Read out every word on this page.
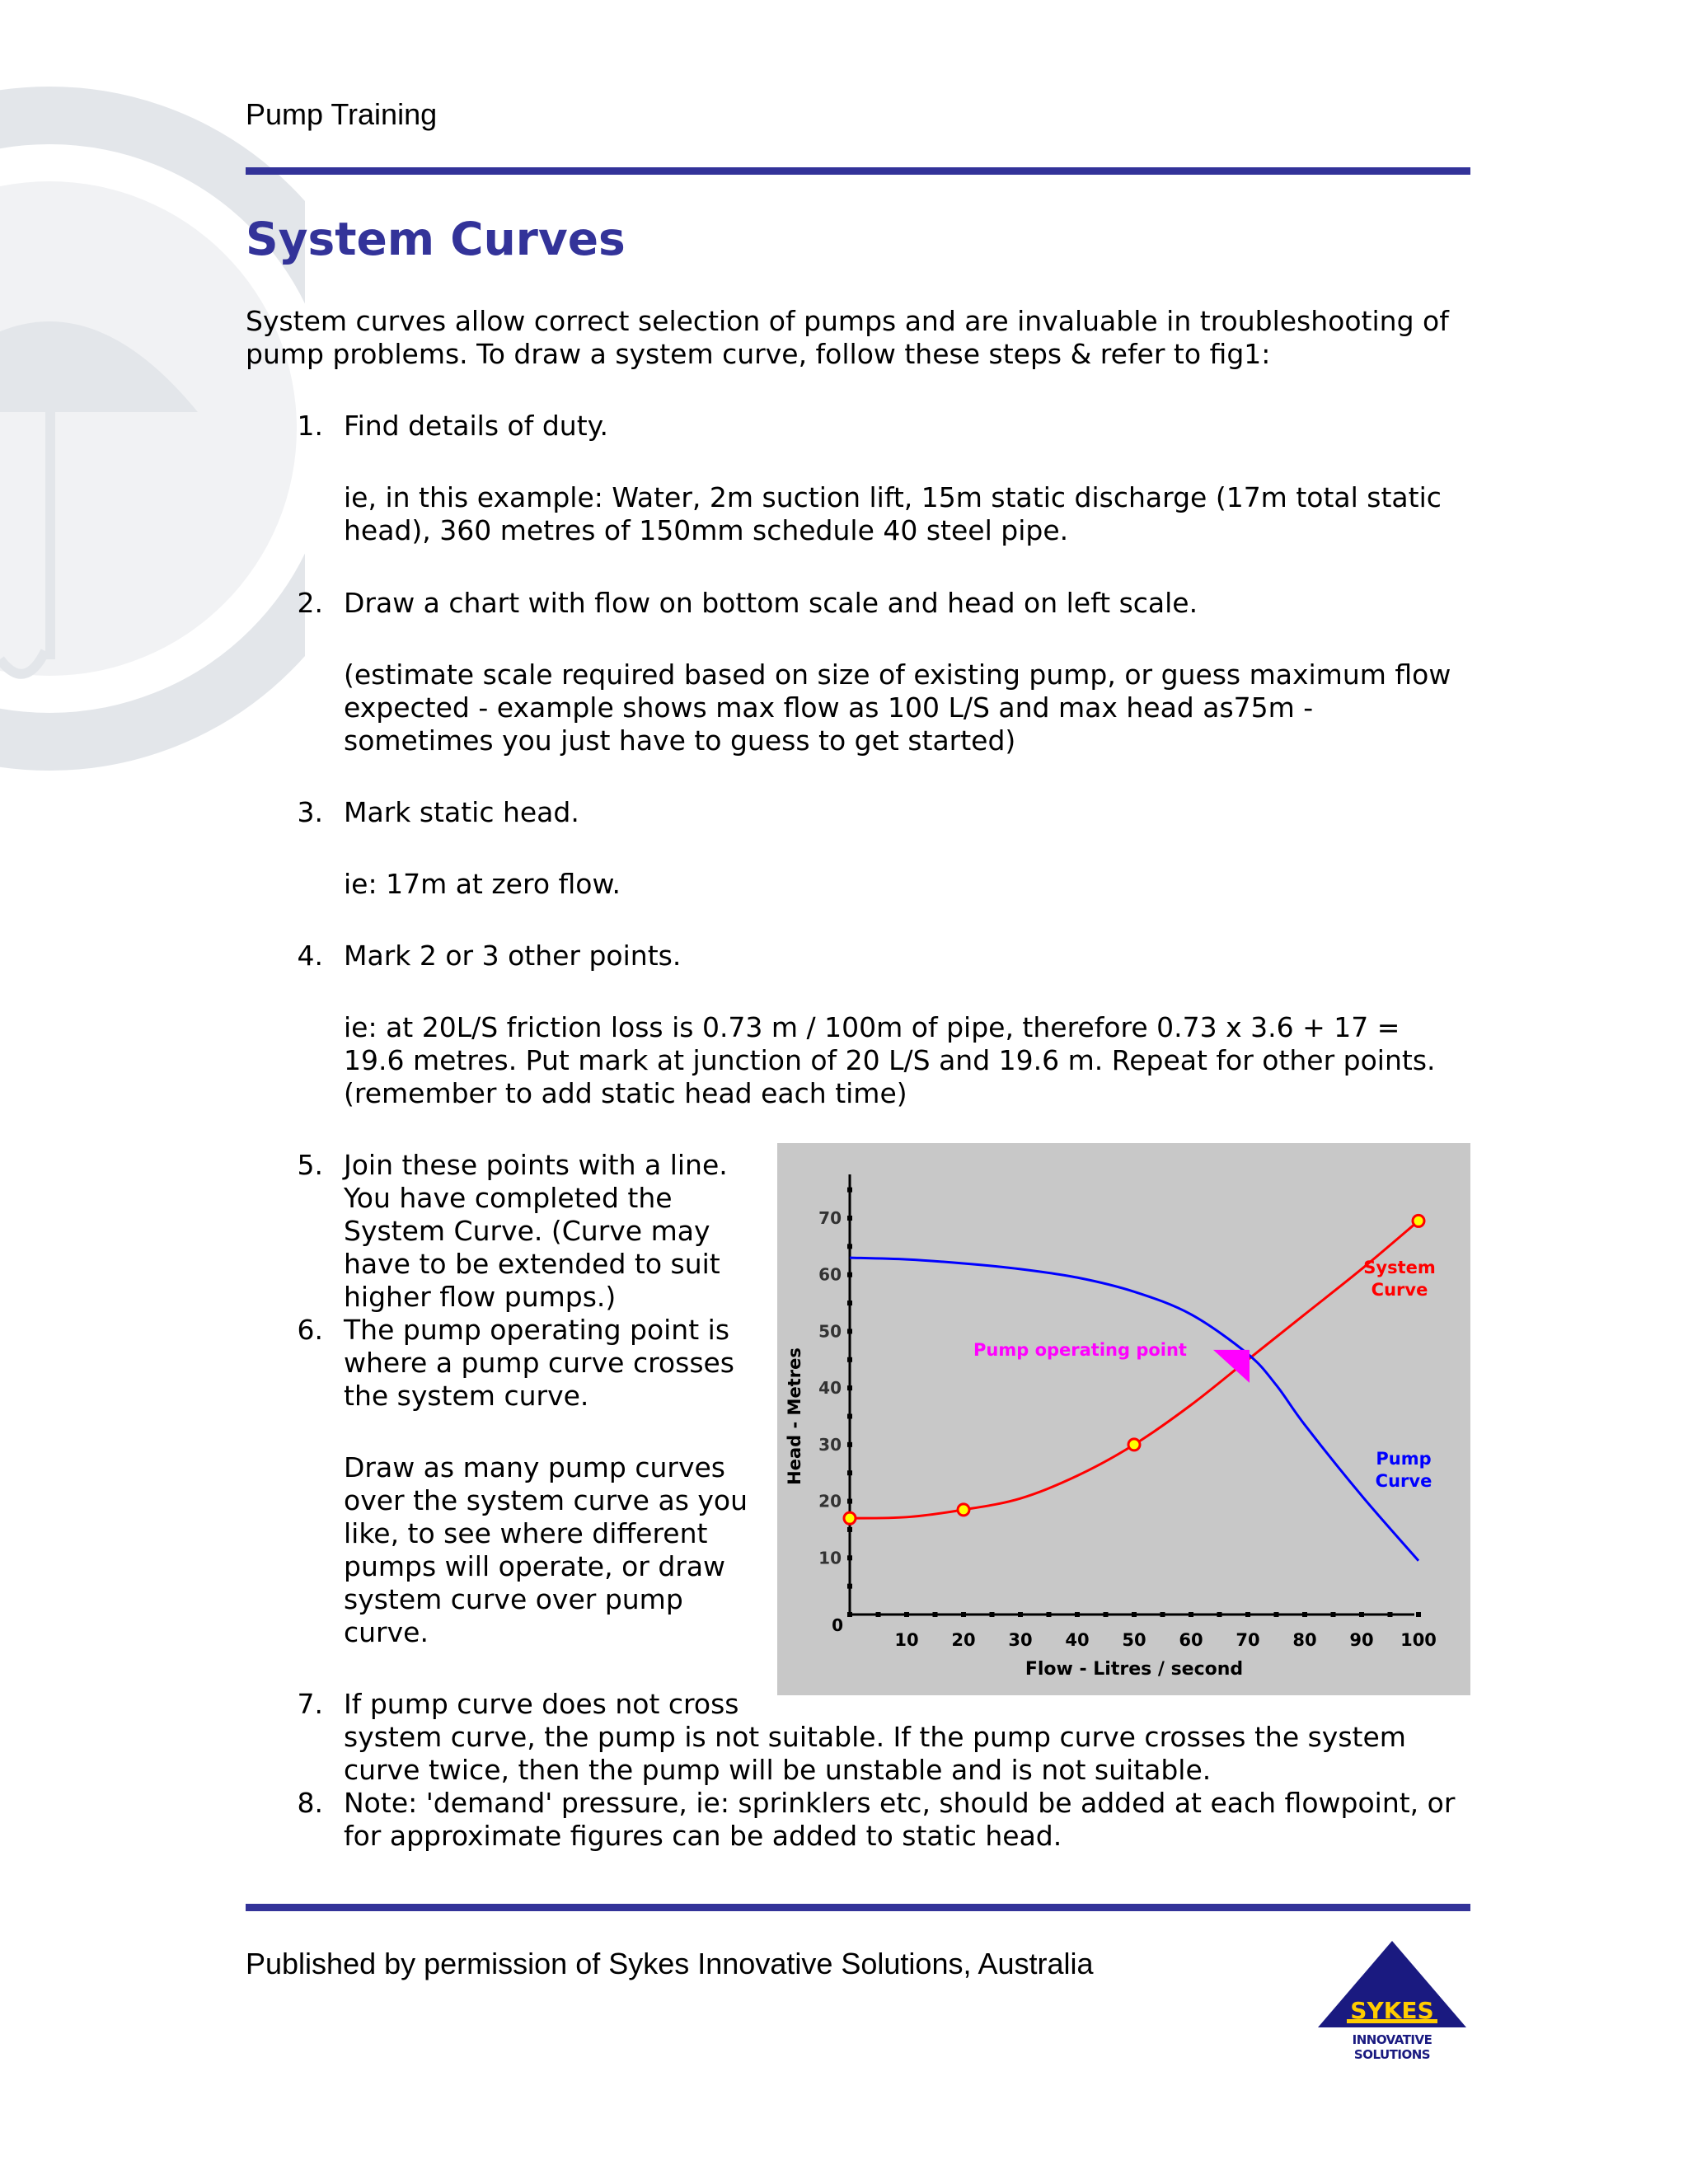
Pump Training
System Curves
System curves allow correct selection of pumps and are invaluable in troubleshooting of
pump problems. To draw a system curve, follow these steps & refer to fig1:
1. Find details of duty.
ie, in this example: Water, 2m suction lift, 15m static discharge (17m total static
head), 360 metres of 150mm schedule 40 steel pipe.
2. Draw a chart with flow on bottom scale and head on left scale.
(estimate scale required based on size of existing pump, or guess maximum flow
expected - example shows max flow as 100 L/S and max head as75m -
sometimes you just have to guess to get started)
3. Mark static head.
ie: 17m at zero flow.
4. Mark 2 or 3 other points.
ie: at 20L/S friction loss is 0.73 m / 100m of pipe, therefore 0.73 x 3.6 + 17 =
19.6 metres. Put mark at junction of 20 L/S and 19.6 m. Repeat for other points.
(remember to add static head each time)
5. Join these points with a line.
You have completed the
System Curve. (Curve may
have to be extended to suit
higher flow pumps.)
6. The pump operating point is
where a pump curve crosses
the system curve.
Draw as many pump curves
over the system curve as you
like, to see where different
pumps will operate, or draw
system curve over pump
curve.
7. If pump curve does not cross
system curve, the pump is not suitable. If the pump curve crosses the system
curve twice, then the pump will be unstable and is not suitable.
8. Note: 'demand' pressure, ie: sprinklers etc, should be added at each flowpoint, or
for approximate figures can be added to static head.
10 20 30 40 50 60 70 80 90 100
0
10
20
30
40
50
60
70
Flow - Litres / second
Head - Metres
System
Curve
Pump
Curve
Pump operating point
Published by permission of Sykes Innovative Solutions, Australia
SYKES
INNOVATIVE SOLUTIONS
